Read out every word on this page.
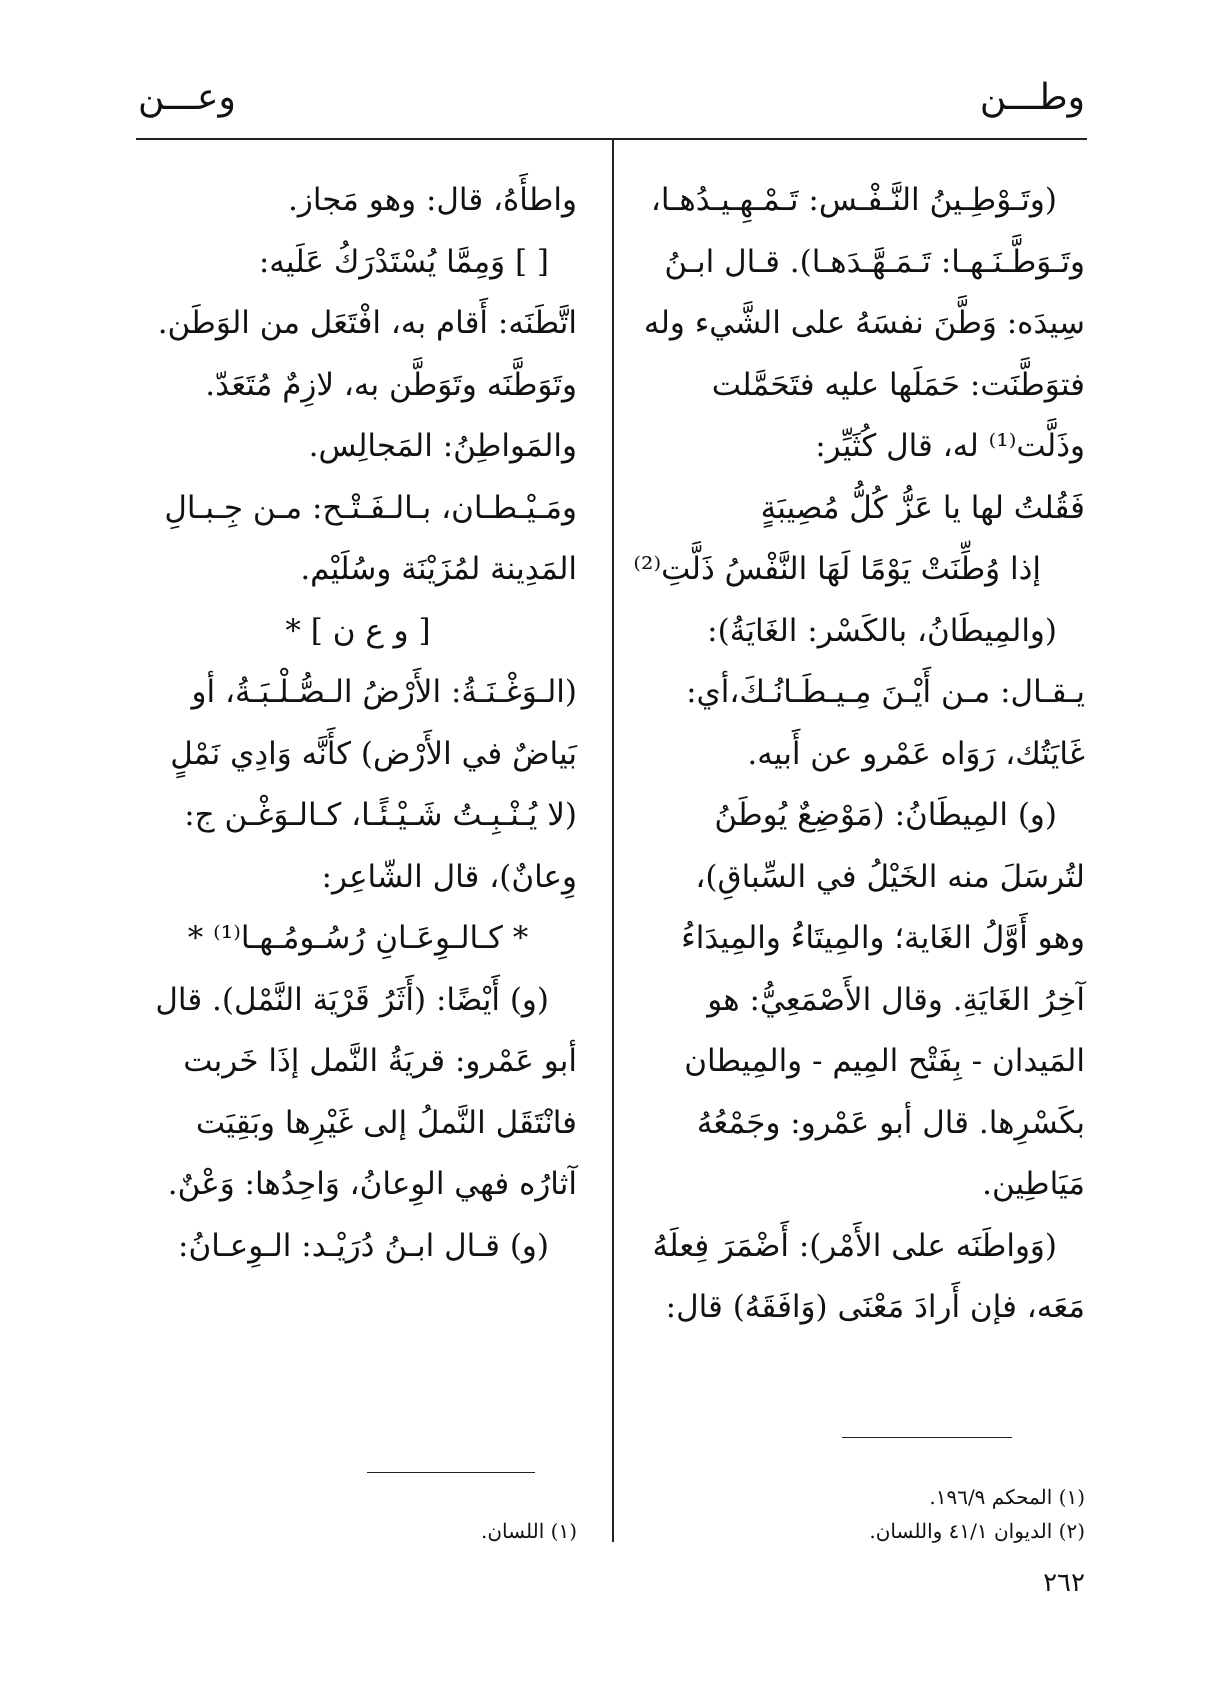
وطـــن
وعـــن
(وتَـوْطِـينُ النَّـفْـس: تَـمْـهِـيـدُهـا،
وتَـوَطَّـنَـهـا: تَـمَـهَّـدَهـا). قـال ابـنُ
سِيدَه: وَطَّنَ نفسَهُ على الشَّيء وله
فتوَطَّنَت: حَمَلَها عليه فتَحَمَّلت
وذَلَّت⁽¹⁾ له، قال كُثَيِّر:
فَقُلتُ لها يا عَزُّ كُلُّ مُصِيبَةٍ
إذا وُطِّنَتْ يَوْمًا لَهَا النَّفْسُ ذَلَّتِ⁽²⁾
(والمِيطَانُ، بالكَسْر: الغَايَةُ):
يـقـال: مـن أَيْـنَ مِـيـطَـانُـكَ،أي:
غَايَتُك، رَوَاه عَمْرو عن أَبيه.
(و) المِيطَانُ: (مَوْضِعٌ يُوطَنُ
لتُرسَلَ منه الخَيْلُ في السِّباقِ)،
وهو أَوَّلُ الغَاية؛ والمِيتَاءُ والمِيدَاءُ
آخِرُ الغَايَةِ. وقال الأَصْمَعِيُّ: هو
المَيدان - بِفَتْح المِيم - والمِيطان
بكَسْرِها. قال أبو عَمْرو: وجَمْعُهُ
مَيَاطِين.
(وَواطَنَه على الأَمْر): أَضْمَرَ فِعلَهُ
مَعَه، فإن أَرادَ مَعْنَى (وَافَقَهُ) قال:
واطأَهُ، قال: وهو مَجاز.
[ ] وَمِمَّا يُسْتَدْرَكُ عَلَيه:
اتَّطَنَه: أَقام به، افْتَعَل من الوَطَن.
وتَوَطَّنَه وتَوَطَّن به، لازِمٌ مُتَعَدّ.
والمَواطِنُ: المَجالِس.
ومَـيْـطـان، بـالـفَـتْـح: مـن جِـبـالِ
المَدِينة لمُزَيْنَة وسُلَيْم.
[ و ع ن ] *
(الـوَغْـنَـةُ: الأَرْضُ الـصُّـلْـبَـةُ، أو
بَياضٌ في الأَرْض) كأَنَّه وَادِي نَمْلٍ
(لا يُـنْـبِـتُ شَـيْـئًـا، كـالـوَغْـن ج:
وِعانٌ)، قال الشّاعِر:
* كـالـوِعَـانِ رُسُـومُـهـا⁽¹⁾ *
(و) أَيْضًا: (أَثَرُ قَرْيَة النَّمْل). قال
أبو عَمْرو: قريَةُ النَّمل إذَا خَربت
فانْتَقَل النَّملُ إلى غَيْرِها وبَقِيَت
آثارُه فهي الوِعانُ، وَاحِدُها: وَعْنٌ.
(و) قـال ابـنُ دُرَيْـد: الـوِعـانُ:
(١) المحكم ١٩٦/٩.
(٢) الديوان ٤١/١ واللسان.
(١) اللسان.
٢٦٢
